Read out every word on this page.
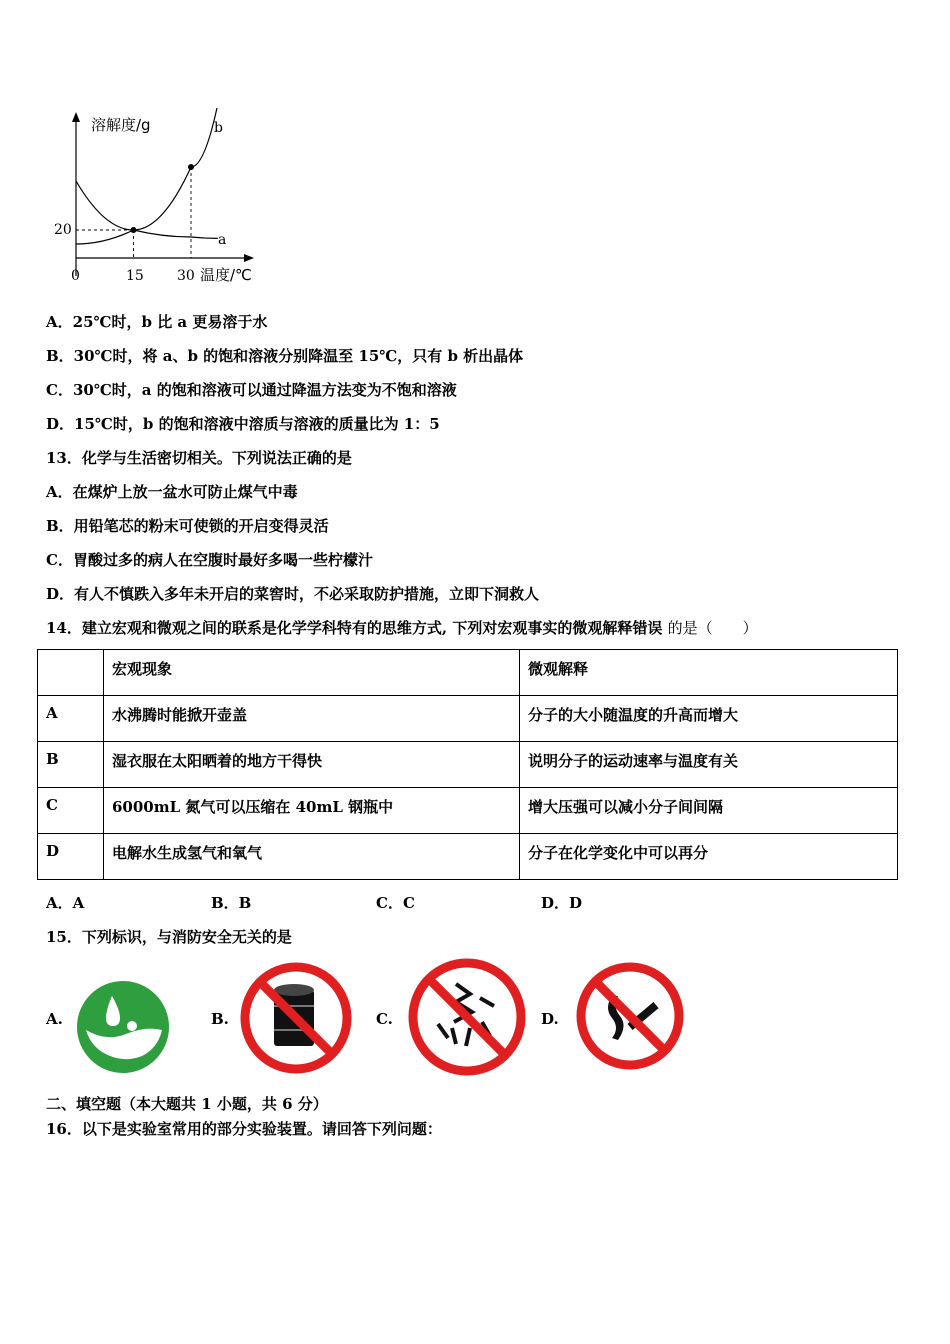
溶解度/g
温度/℃
b
a
20
0	15 30
A．25℃时，b 比 a 更易溶于水
B．30℃时，将 a、b 的饱和溶液分别降温至 15℃，只有 b 析出晶体
C．30℃时，a 的饱和溶液可以通过降温方法变为不饱和溶液
D．15℃时，b 的饱和溶液中溶质与溶液的质量比为 1：5
13．化学与生活密切相关。下列说法正确的是
A．在煤炉上放一盆水可防止煤气中毒
B．用铅笔芯的粉末可使锁的开启变得灵活
C．胃酸过多的病人在空腹时最好多喝一些柠檬汁
D．有人不慎跌入多年未开启的菜窖时，不必采取防护措施，立即下洞救人
14．建立宏观和微观之间的联系是化学学科特有的思维方式, 下列对宏观事实的微观解释错误 的是（　　）
	宏观现象	微观解释
A	水沸腾时能掀开壶盖	分子的大小随温度的升高而增大
B	湿衣服在太阳晒着的地方干得快	说明分子的运动速率与温度有关
C	6000mL 氮气可以压缩在 40mL 钢瓶中	增大压强可以减小分子间间隔
D	电解水生成氢气和氧气	分子在化学变化中可以再分
A．A	B．B	C．C	D．D
15．下列标识，与消防安全无关的是
A.	B.	C.	D.
二、填空题（本大题共 1 小题，共 6 分）
16．以下是实验室常用的部分实验装置。请回答下列问题：
